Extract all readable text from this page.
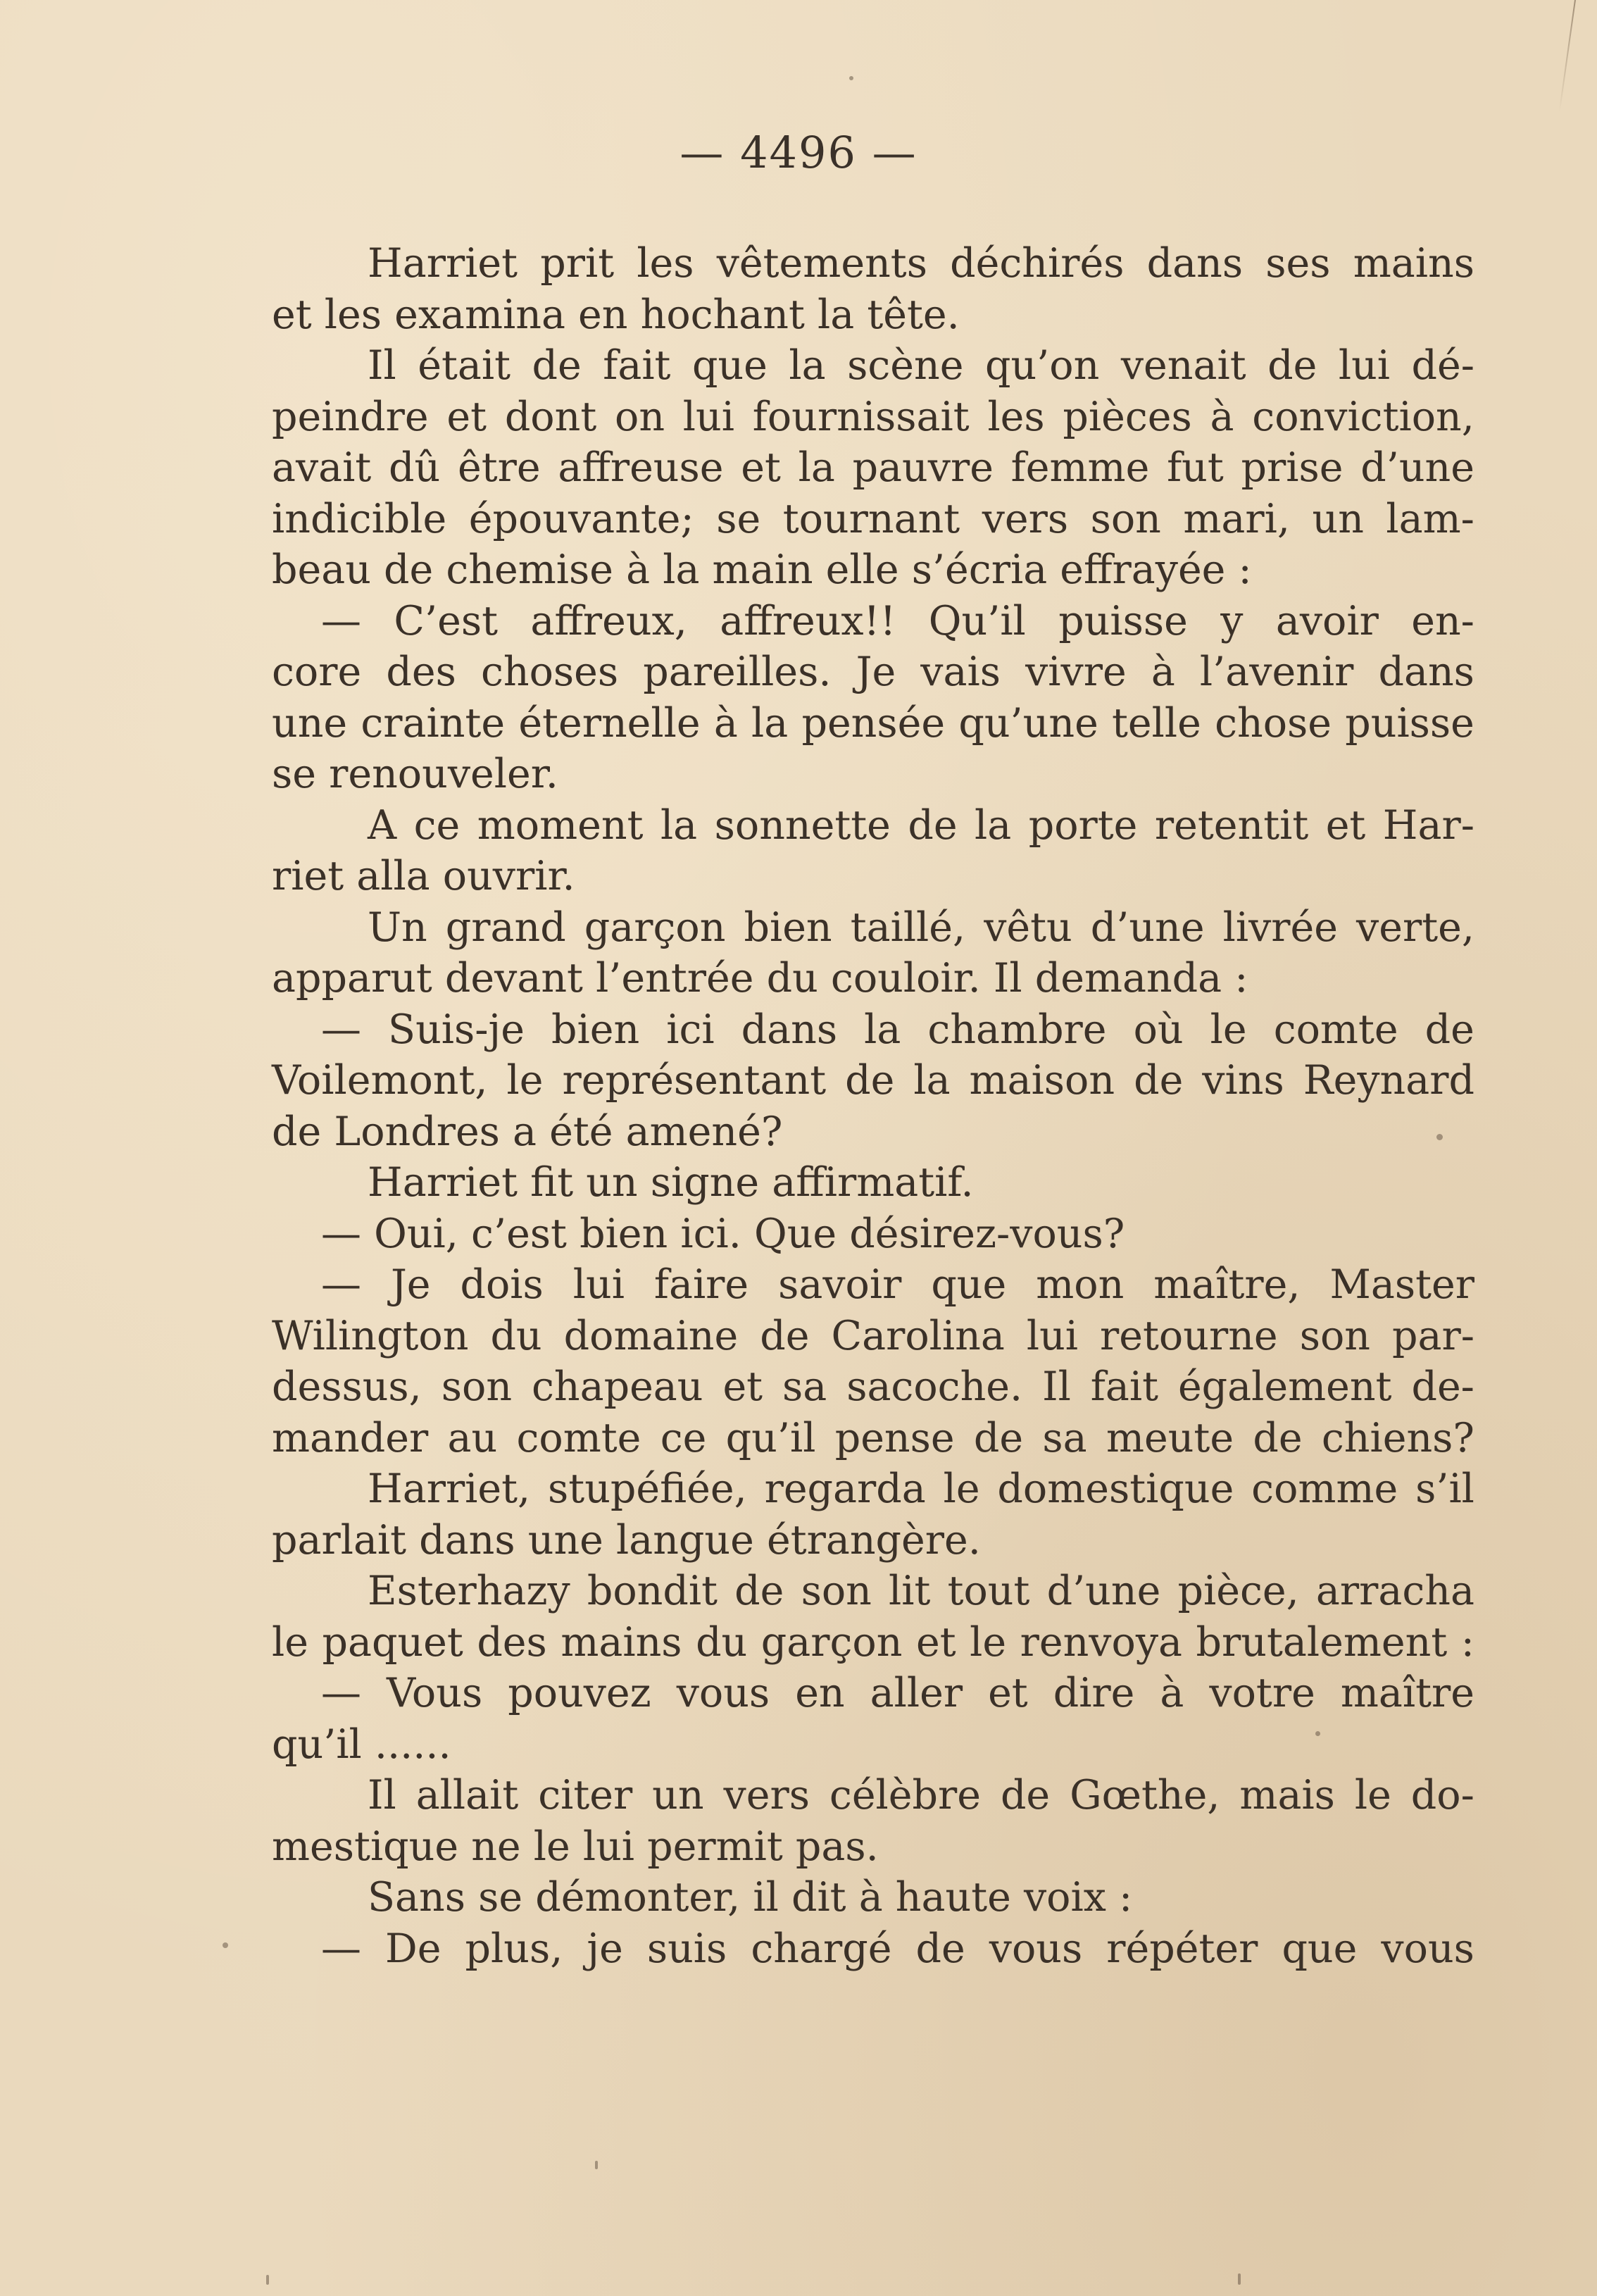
— 4496 —
Harriet prit les vêtements déchirés dans ses mains
et les examina en hochant la tête.
Il était de fait que la scène qu’on venait de lui dé-
peindre et dont on lui fournissait les pièces à conviction,
avait dû être affreuse et la pauvre femme fut prise d’une
indicible épouvante; se tournant vers son mari, un lam-
beau de chemise à la main elle s’écria effrayée :
— C’est affreux, affreux!! Qu’il puisse y avoir en-
core des choses pareilles. Je vais vivre à l’avenir dans
une crainte éternelle à la pensée qu’une telle chose puisse
se renouveler.
A ce moment la sonnette de la porte retentit et Har-
riet alla ouvrir.
Un grand garçon bien taillé, vêtu d’une livrée verte,
apparut devant l’entrée du couloir. Il demanda :
— Suis-je bien ici dans la chambre où le comte de
Voilemont, le représentant de la maison de vins Reynard
de Londres a été amené?
Harriet fit un signe affirmatif.
— Oui, c’est bien ici. Que désirez-vous?
— Je dois lui faire savoir que mon maître, Master
Wilington du domaine de Carolina lui retourne son par-
dessus, son chapeau et sa sacoche. Il fait également de-
mander au comte ce qu’il pense de sa meute de chiens?
Harriet, stupéfiée, regarda le domestique comme s’il
parlait dans une langue étrangère.
Esterhazy bondit de son lit tout d’une pièce, arracha
le paquet des mains du garçon et le renvoya brutalement :
— Vous pouvez vous en aller et dire à votre maître
qu’il ......
Il allait citer un vers célèbre de Gœthe, mais le do-
mestique ne le lui permit pas.
Sans se démonter, il dit à haute voix :
— De plus, je suis chargé de vous répéter que vous
